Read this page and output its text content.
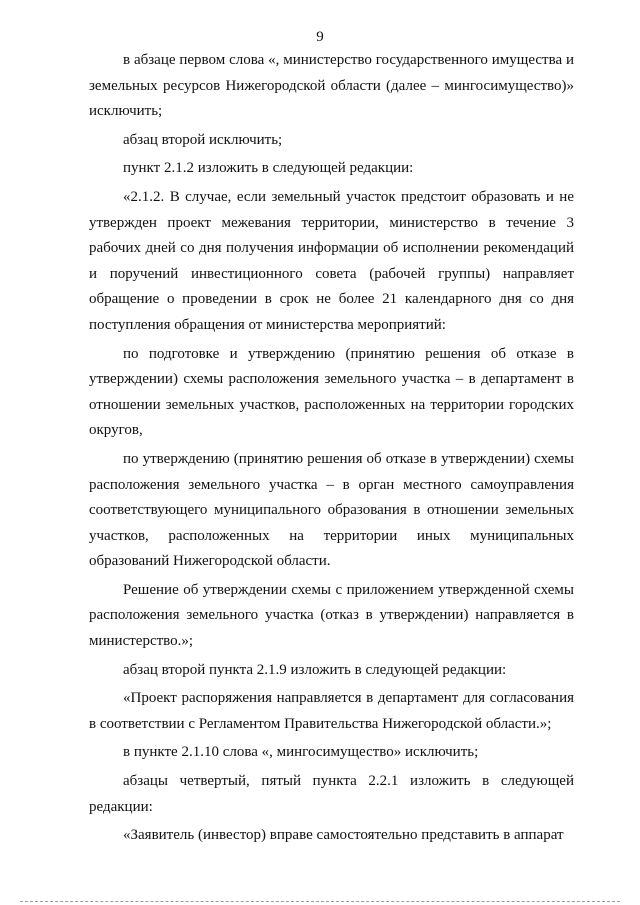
9

в абзаце первом слова «, министерство государственного имущества и земельных ресурсов Нижегородской области (далее – мингосимущество)» исключить;

абзац второй исключить;

пункт 2.1.2 изложить в следующей редакции:

«2.1.2. В случае, если земельный участок предстоит образовать и не утвержден проект межевания территории, министерство в течение 3 рабочих дней со дня получения информации об исполнении рекомендаций и поручений инвестиционного совета (рабочей группы) направляет обращение о проведении в срок не более 21 календарного дня со дня поступления обращения от министерства мероприятий:

по подготовке и утверждению (принятию решения об отказе в утверждении) схемы расположения земельного участка – в департамент в отношении земельных участков, расположенных на территории городских округов,

по утверждению (принятию решения об отказе в утверждении) схемы расположения земельного участка – в орган местного самоуправления соответствующего муниципального образования в отношении земельных участков, расположенных на территории иных муниципальных образований Нижегородской области.

Решение об утверждении схемы с приложением утвержденной схемы расположения земельного участка (отказ в утверждении) направляется в министерство.»;

абзац второй пункта 2.1.9 изложить в следующей редакции:

«Проект распоряжения направляется в департамент для согласования в соответствии с Регламентом Правительства Нижегородской области.»;

в пункте 2.1.10 слова «, мингосимущество» исключить;

абзацы четвертый, пятый пункта 2.2.1 изложить в следующей редакции:

«Заявитель (инвестор) вправе самостоятельно представить в аппарат
